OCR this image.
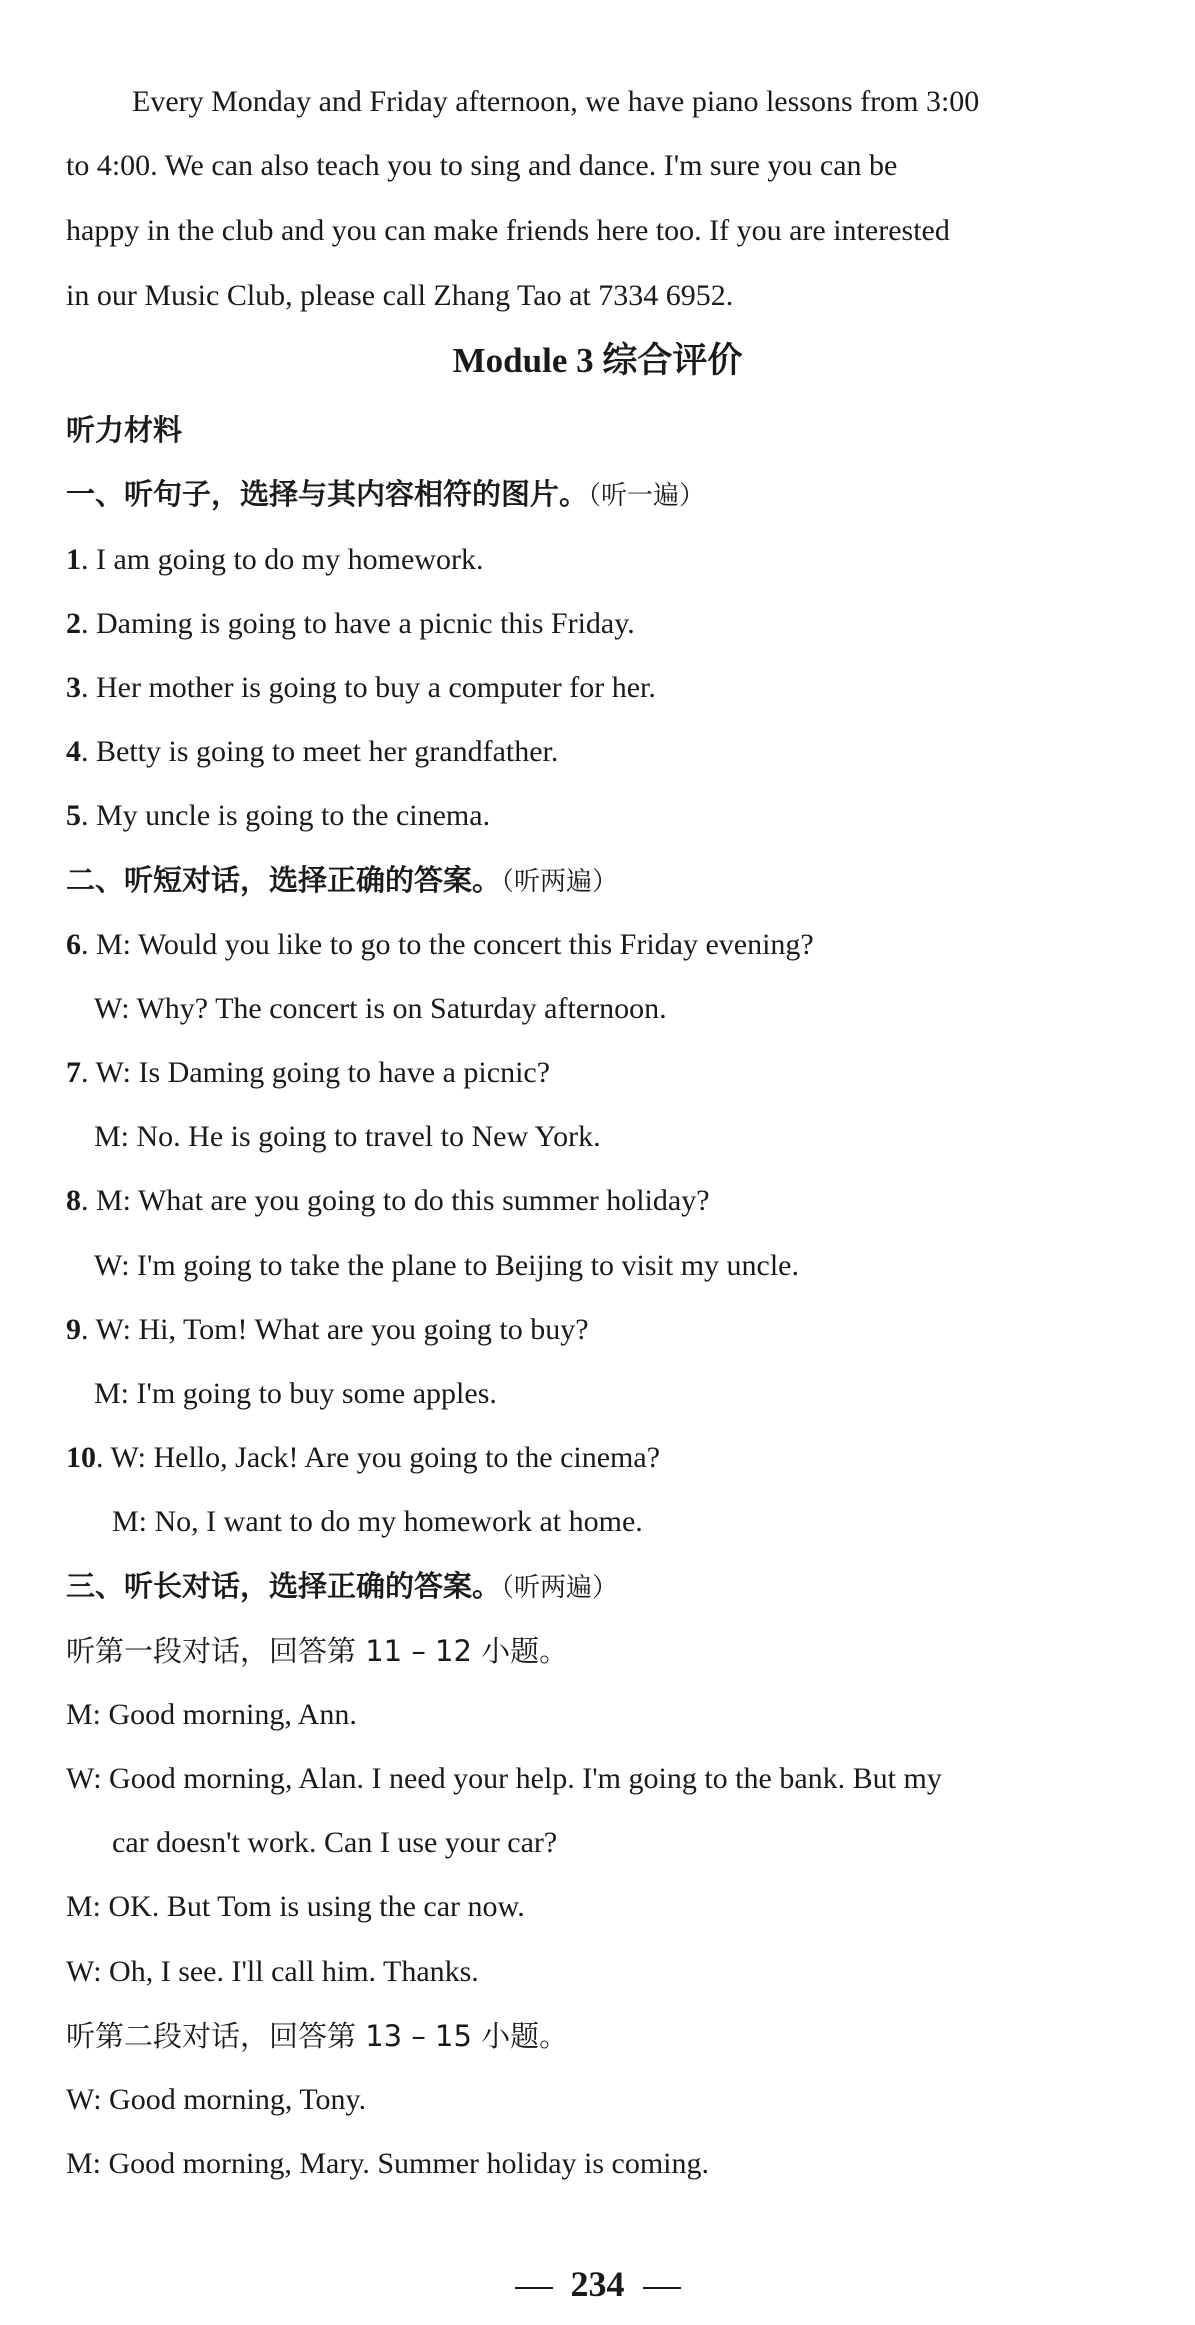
Every Monday and Friday afternoon, we have piano lessons from 3:00
to 4:00. We can also teach you to sing and dance. I'm sure you can be
happy in the club and you can make friends here too. If you are interested
in our Music Club, please call Zhang Tao at 7334 6952.
Module 3 综合评价
听力材料
一、听句子，选择与其内容相符的图片。（听一遍）
1. I am going to do my homework.
2. Daming is going to have a picnic this Friday.
3. Her mother is going to buy a computer for her.
4. Betty is going to meet her grandfather.
5. My uncle is going to the cinema.
二、听短对话，选择正确的答案。（听两遍）
6. M: Would you like to go to the concert this Friday evening?
W: Why? The concert is on Saturday afternoon.
7. W: Is Daming going to have a picnic?
M: No. He is going to travel to New York.
8. M: What are you going to do this summer holiday?
W: I'm going to take the plane to Beijing to visit my uncle.
9. W: Hi, Tom! What are you going to buy?
M: I'm going to buy some apples.
10. W: Hello, Jack! Are you going to the cinema?
M: No, I want to do my homework at home.
三、听长对话，选择正确的答案。（听两遍）
听第一段对话，回答第 11 – 12 小题。
M: Good morning, Ann.
W: Good morning, Alan. I need your help. I'm going to the bank. But my
car doesn't work. Can I use your car?
M: OK. But Tom is using the car now.
W: Oh, I see. I'll call him. Thanks.
听第二段对话，回答第 13 – 15 小题。
W: Good morning, Tony.
M: Good morning, Mary. Summer holiday is coming.
234
